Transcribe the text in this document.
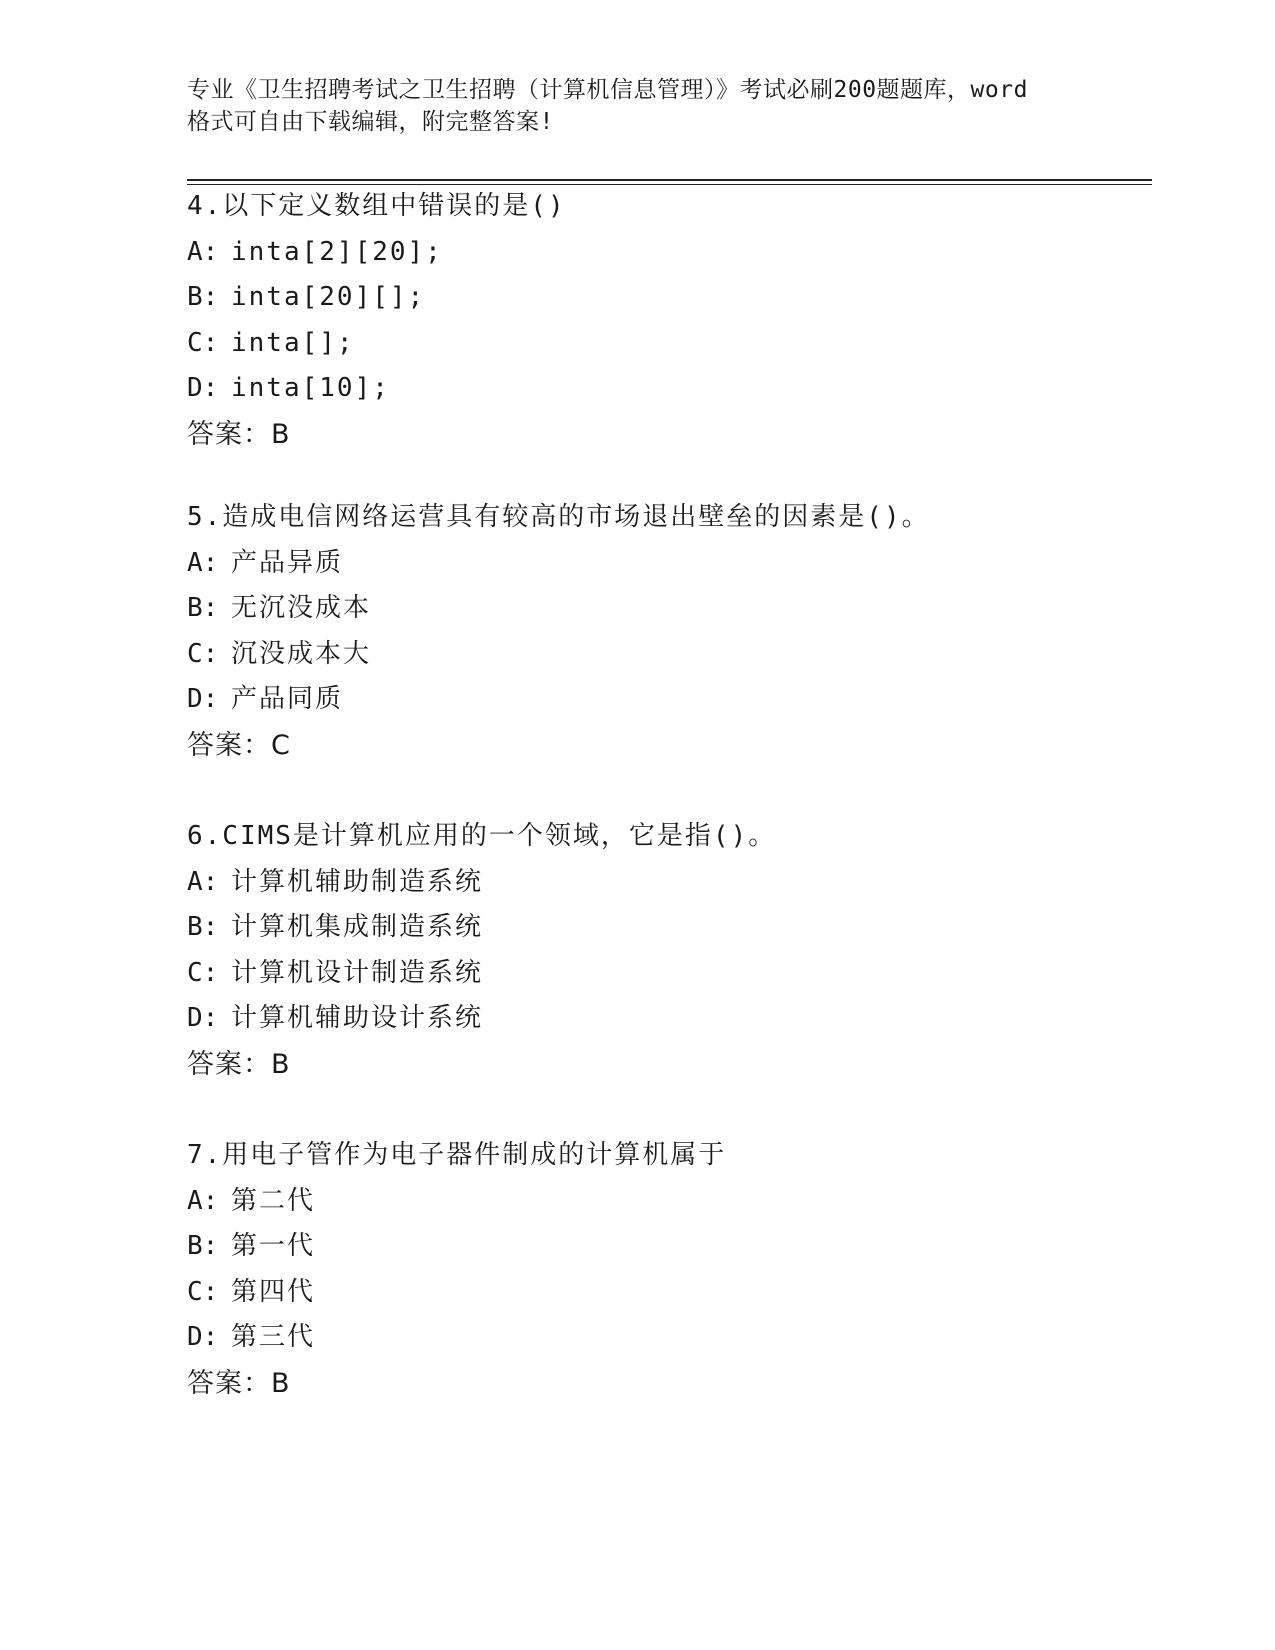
专业《卫生招聘考试之卫生招聘（计算机信息管理）》考试必刷200题题库，word

格式可自由下载编辑，附完整答案!

4.以下定义数组中错误的是()
A: inta[2][20];
B: inta[20][];
C: inta[];
D: inta[10];
答案：B
5.造成电信网络运营具有较高的市场退出壁垒的因素是()。
A: 产品异质
B: 无沉没成本
C: 沉没成本大
D: 产品同质
答案：C
6.CIMS是计算机应用的一个领域，它是指()。
A: 计算机辅助制造系统
B: 计算机集成制造系统
C: 计算机设计制造系统
D: 计算机辅助设计系统
答案：B
7.用电子管作为电子器件制成的计算机属于
A: 第二代
B: 第一代
C: 第四代
D: 第三代
答案：B
